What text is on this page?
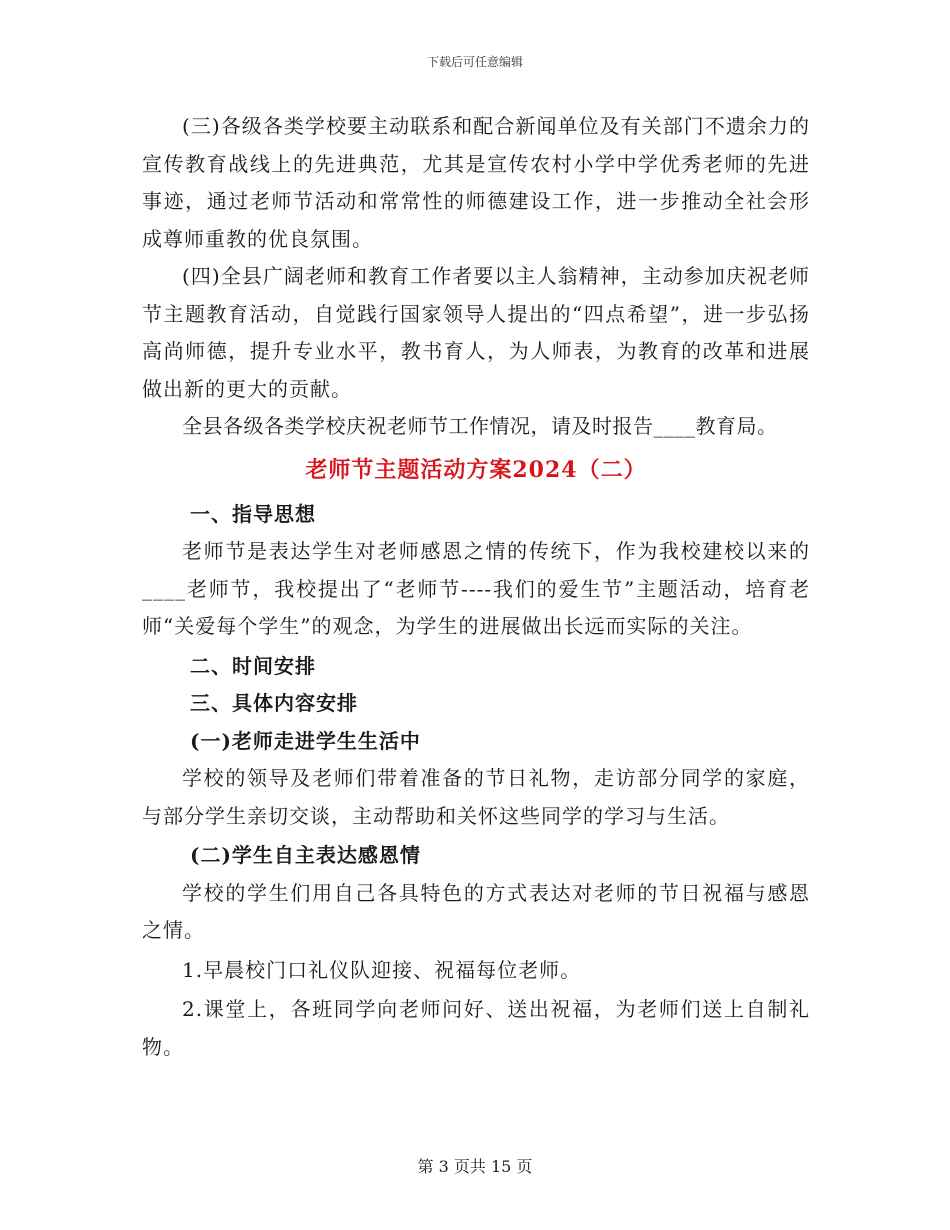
下载后可任意编辑

(三)各级各类学校要主动联系和配合新闻单位及有关部门不遗余力的宣传教育战线上的先进典范，尤其是宣传农村小学中学优秀老师的先进事迹，通过老师节活动和常常性的师德建设工作，进一步推动全社会形成尊师重教的优良氛围。

(四)全县广阔老师和教育工作者要以主人翁精神，主动参加庆祝老师节主题教育活动，自觉践行国家领导人提出的“四点希望”，进一步弘扬高尚师德，提升专业水平，教书育人，为人师表，为教育的改革和进展做出新的更大的贡献。

全县各级各类学校庆祝老师节工作情况，请及时报告____教育局。

老师节主题活动方案2024（二）

一、指导思想

老师节是表达学生对老师感恩之情的传统下，作为我校建校以来的____老师节，我校提出了“老师节----我们的爱生节”主题活动，培育老师“关爱每个学生”的观念，为学生的进展做出长远而实际的关注。

二、时间安排

三、具体内容安排

(一)老师走进学生生活中

学校的领导及老师们带着准备的节日礼物，走访部分同学的家庭，与部分学生亲切交谈，主动帮助和关怀这些同学的学习与生活。

(二)学生自主表达感恩情

学校的学生们用自己各具特色的方式表达对老师的节日祝福与感恩之情。

1.早晨校门口礼仪队迎接、祝福每位老师。

2.课堂上，各班同学向老师问好、送出祝福，为老师们送上自制礼物。

第 3 页共 15 页
